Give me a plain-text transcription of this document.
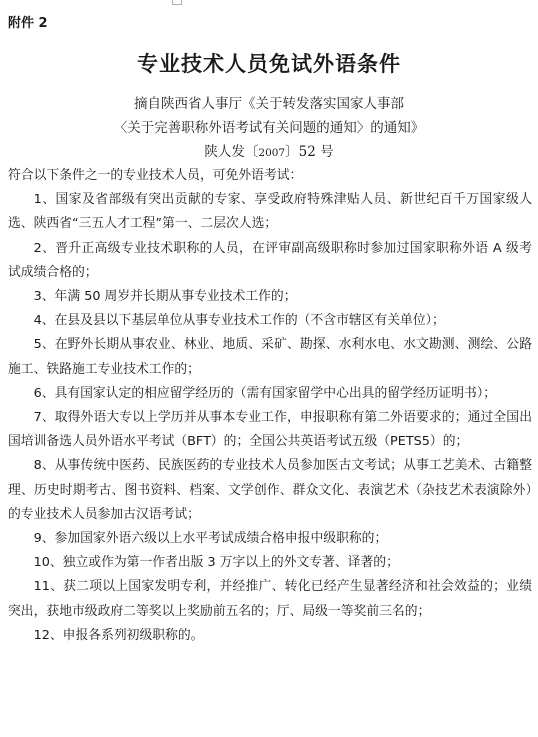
附件 2
专业技术人员免试外语条件
摘自陕西省人事厅《关于转发落实国家人事部
〈关于完善职称外语考试有关问题的通知〉的通知》
陕人发〔2007〕52 号

符合以下条件之一的专业技术人员，可免外语考试：

1、国家及省部级有突出贡献的专家、享受政府特殊津贴人员、新世纪百千万国家级人选、陕西省“三五人才工程”第一、二层次人选；

2、晋升正高级专业技术职称的人员，在评审副高级职称时参加过国家职称外语 A 级考试成绩合格的；

3、年满 50 周岁并长期从事专业技术工作的；

4、在县及县以下基层单位从事专业技术工作的（不含市辖区有关单位）；

5、在野外长期从事农业、林业、地质、采矿、勘探、水利水电、水文勘测、测绘、公路施工、铁路施工专业技术工作的；

6、具有国家认定的相应留学经历的（需有国家留学中心出具的留学经历证明书）；

7、取得外语大专以上学历并从事本专业工作，申报职称有第二外语要求的；通过全国出国培训备选人员外语水平考试（BFT）的；全国公共英语考试五级（PETS5）的；

8、从事传统中医药、民族医药的专业技术人员参加医古文考试；从事工艺美术、古籍整理、历史时期考古、图书资料、档案、文学创作、群众文化、表演艺术（杂技艺术表演除外）的专业技术人员参加古汉语考试；

9、参加国家外语六级以上水平考试成绩合格申报中级职称的；

10、独立或作为第一作者出版 3 万字以上的外文专著、译著的；

11、获二项以上国家发明专利，并经推广、转化已经产生显著经济和社会效益的；业绩突出，获地市级政府二等奖以上奖励前五名的；厅、局级一等奖前三名的；

12、申报各系列初级职称的。
